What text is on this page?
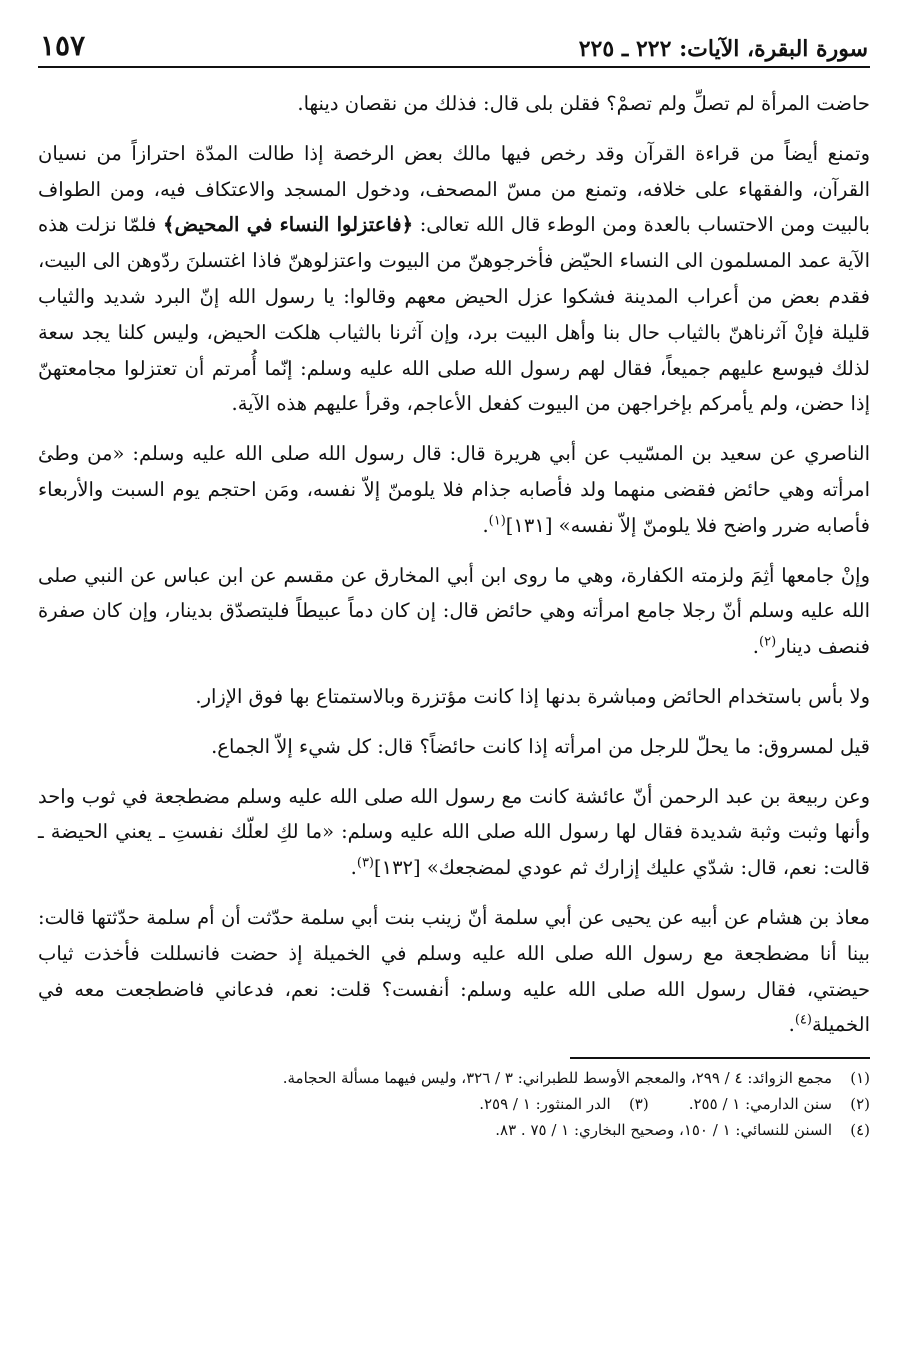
سورة البقرة، الآيات: ٢٢٢ ـ ٢٢٥
١٥٧

حاضت المرأة لم تصلِّ ولم تصمْ؟ فقلن بلى قال: فذلك من نقصان دينها.

وتمنع أيضاً من قراءة القرآن وقد رخص فيها مالك بعض الرخصة إذا طالت المدّة احترازاً من نسيان القرآن، والفقهاء على خلافه، وتمنع من مسّ المصحف، ودخول المسجد والاعتكاف فيه، ومن الطواف بالبيت ومن الاحتساب بالعدة ومن الوطء قال الله تعالى: ﴿فاعتزلوا النساء في المحيض﴾ فلمّا نزلت هذه الآية عمد المسلمون الى النساء الحيّض فأخرجوهنّ من البيوت واعتزلوهنّ فاذا اغتسلنَ ردّوهن الى البيت، فقدم بعض من أعراب المدينة فشكوا عزل الحيض معهم وقالوا: يا رسول الله إنّ البرد شديد والثياب قليلة فإنْ آثرناهنّ بالثياب حال بنا وأهل البيت برد، وإن آثرنا بالثياب هلكت الحيض، وليس كلنا يجد سعة لذلك فيوسع عليهم جميعاً، فقال لهم رسول الله صلى الله عليه وسلم: إنّما أُمرتم أن تعتزلوا مجامعتهنّ إذا حضن، ولم يأمركم بإخراجهن من البيوت كفعل الأعاجم، وقرأ عليهم هذه الآية.

الناصري عن سعيد بن المسّيب عن أبي هريرة قال: قال رسول الله صلى الله عليه وسلم: «من وطئ امرأته وهي حائض فقضى منهما ولد فأصابه جذام فلا يلومنّ إلاّ نفسه، ومَن احتجم يوم السبت والأربعاء فأصابه ضرر واضح فلا يلومنّ إلاّ نفسه» [١٣١]$^{(١)}$.

وإنْ جامعها أثِمَ ولزمته الكفارة، وهي ما روى ابن أبي المخارق عن مقسم عن ابن عباس عن النبي صلى الله عليه وسلم أنّ رجلا جامع امرأته وهي حائض قال: إن كان دماً عبيطاً فليتصدّق بدينار، وإن كان صفرة فنصف دينار$^{(٢)}$.

ولا بأس باستخدام الحائض ومباشرة بدنها إذا كانت مؤتزرة وبالاستمتاع بها فوق الإزار.

قيل لمسروق: ما يحلّ للرجل من امرأته إذا كانت حائضاً؟ قال: كل شيء إلاّ الجماع.

وعن ربيعة بن عبد الرحمن أنّ عائشة كانت مع رسول الله صلى الله عليه وسلم مضطجعة في ثوب واحد وأنها وثبت وثبة شديدة فقال لها رسول الله صلى الله عليه وسلم: «ما لكِ لعلّك نفستِ ـ يعني الحيضة ـ قالت: نعم، قال: شدّي عليك إزارك ثم عودي لمضجعك» [١٣٢]$^{(٣)}$.

معاذ بن هشام عن أبيه عن يحيى عن أبي سلمة أنّ زينب بنت أبي سلمة حدّثت أن أم سلمة حدّثتها قالت: بينا أنا مضطجعة مع رسول الله صلى الله عليه وسلم في الخميلة إذ حضت فانسللت فأخذت ثياب حيضتي، فقال رسول الله صلى الله عليه وسلم: أنفست؟ قلت: نعم، فدعاني فاضطجعت معه في الخميلة$^{(٤)}$.

(١)
مجمع الزوائد: ٤ / ٢٩٩، والمعجم الأوسط للطبراني: ٣ / ٣٢٦، وليس فيهما مسألة الحجامة.
(٢)
سنن الدارمي: ١ / ٢٥٥.
(٣)
الدر المنثور: ١ / ٢٥٩.
(٤)
السنن للنسائي: ١ / ١٥٠، وصحيح البخاري: ١ / ٧٥ . ٨٣.
